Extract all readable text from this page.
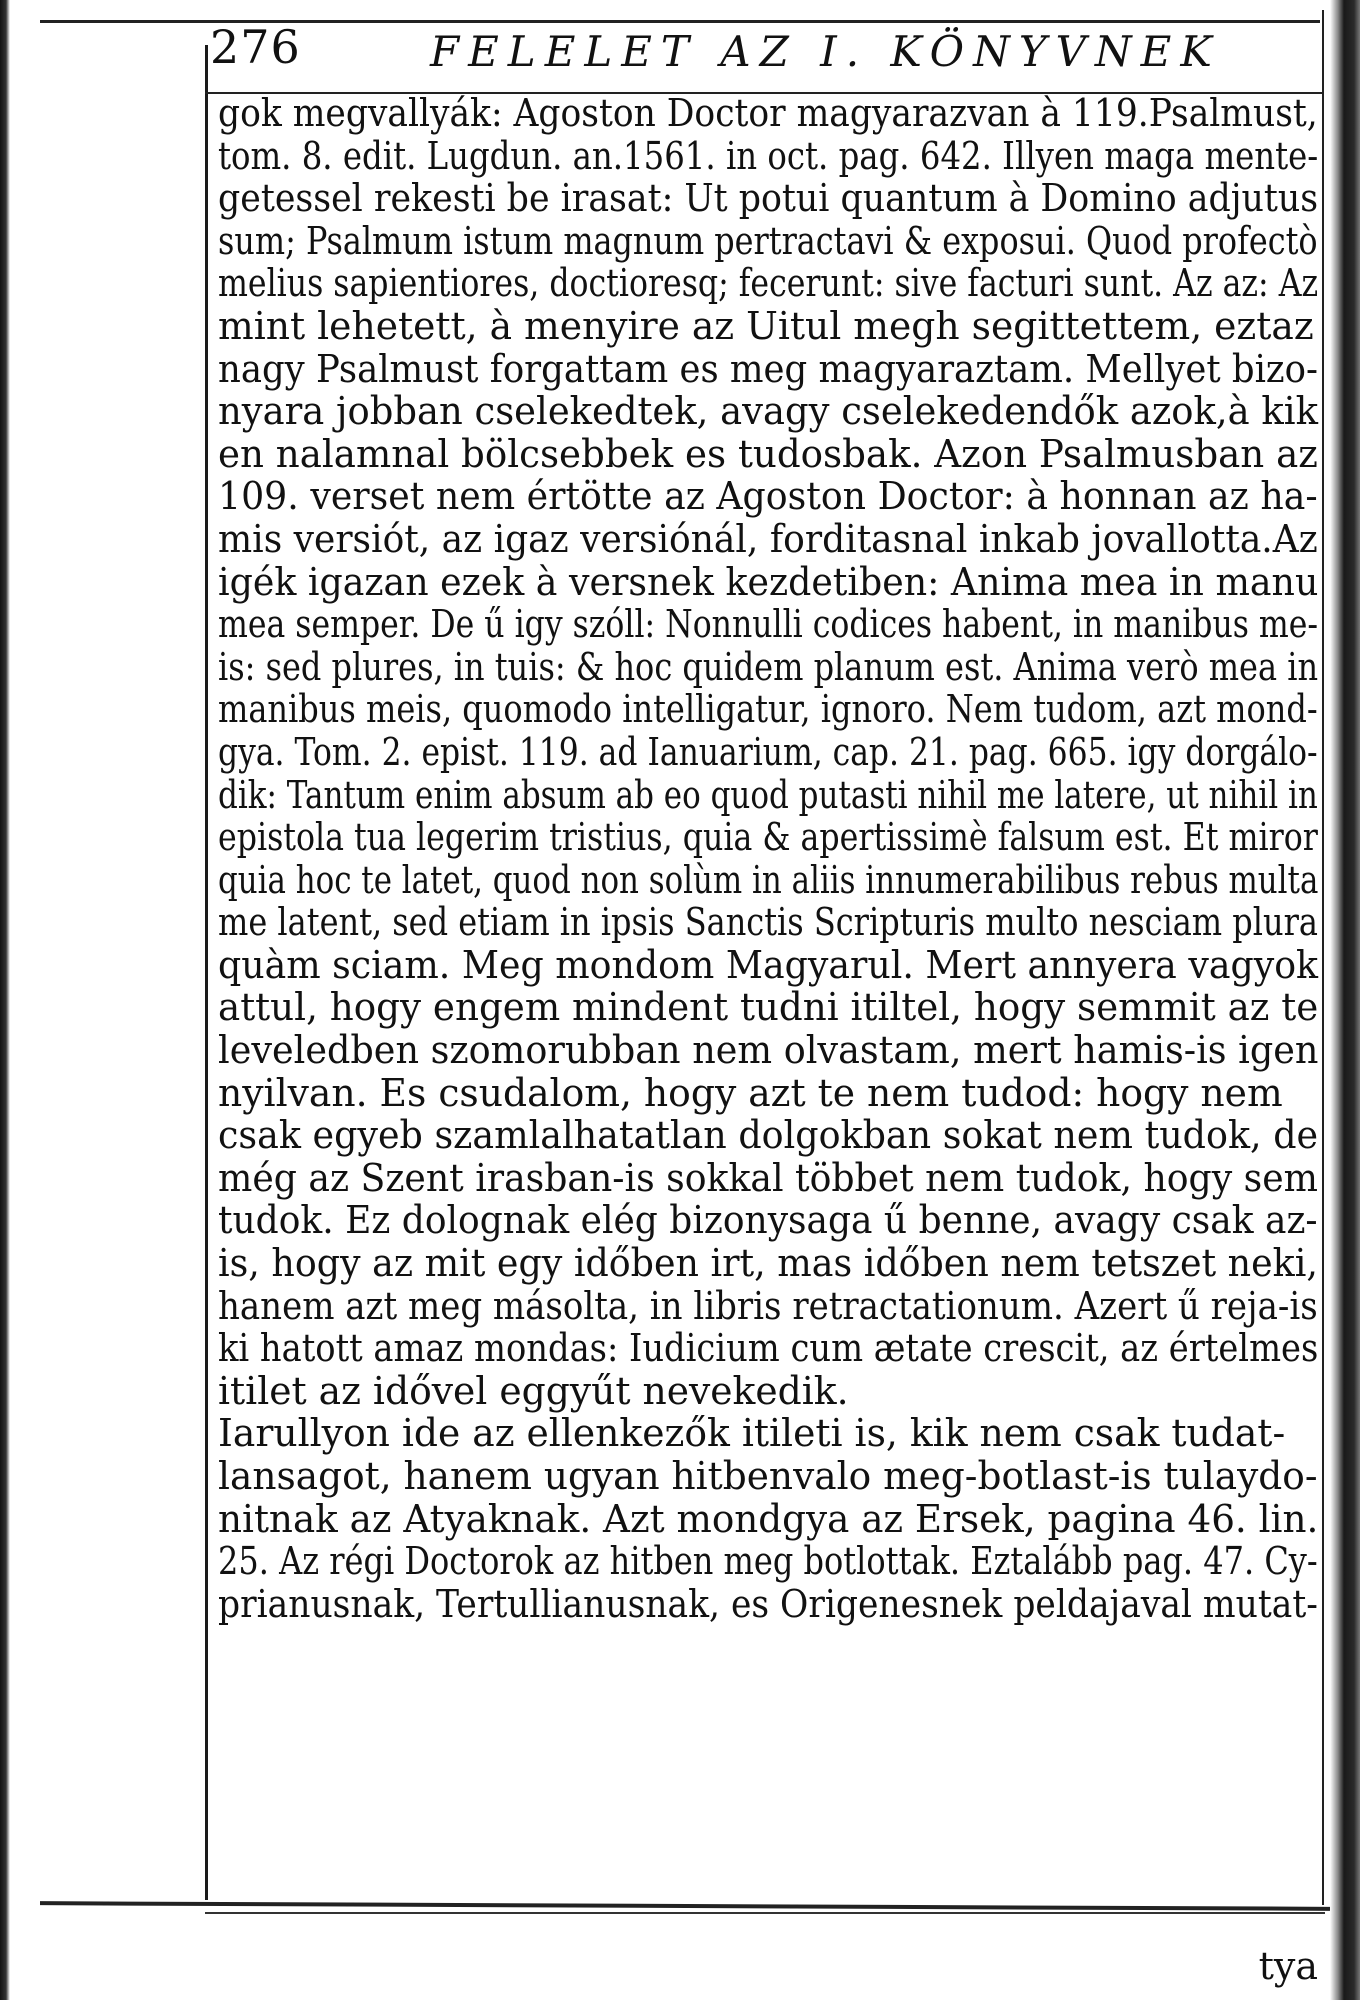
276	FELELET AZ I. KÖNYVNEK
gok megvallyák: Agoston Doctor magyarazvan à 119.Psalmust,
tom. 8. edit. Lugdun. an.1561. in oct. pag. 642. Illyen maga mente-
getessel rekesti be irasat: Ut potui quantum à Domino adjutus
sum; Psalmum istum magnum pertractavi & exposui. Quod profectò
melius sapientiores, doctioresq; fecerunt: sive facturi sunt. Az az: Az
mint lehetett, à menyire az Uitul megh segittettem, eztaz
nagy Psalmust forgattam es meg magyaraztam. Mellyet bizo-
nyara jobban cselekedtek, avagy cselekedendők azok,à kik
en nalamnal bölcsebbek es tudosbak. Azon Psalmusban az
109. verset nem értötte az Agoston Doctor: à honnan az ha-
mis versiót, az igaz versiónál, forditasnal inkab jovallotta.Az
igék igazan ezek à versnek kezdetiben: Anima mea in manu
mea semper. De ű igy szóll: Nonnulli codices habent, in manibus me-
is: sed plures, in tuis: & hoc quidem planum est. Anima verò mea in
manibus meis, quomodo intelligatur, ignoro. Nem tudom, azt mond-
gya. Tom. 2. epist. 119. ad Ianuarium, cap. 21. pag. 665. igy dorgálo-
dik: Tantum enim absum ab eo quod putasti nihil me latere, ut nihil in
epistola tua legerim tristius, quia & apertissimè falsum est. Et miror
quia hoc te latet, quod non solùm in aliis innumerabilibus rebus multa
me latent, sed etiam in ipsis Sanctis Scripturis multo nesciam plura
quàm sciam. Meg mondom Magyarul. Mert annyera vagyok
attul, hogy engem mindent tudni itiltel, hogy semmit az te
leveledben szomorubban nem olvastam, mert hamis-is igen
nyilvan. Es csudalom, hogy azt te nem tudod: hogy nem
csak egyeb szamlalhatatlan dolgokban sokat nem tudok, de
még az Szent irasban-is sokkal többet nem tudok, hogy sem
tudok. Ez dolognak elég bizonysaga ű benne, avagy csak az-
is, hogy az mit egy időben irt, mas időben nem tetszet neki,
hanem azt meg másolta, in libris retractationum. Azert ű reja-is
ki hatott amaz mondas: Iudicium cum ætate crescit, az értelmes
itilet az idővel eggyűt nevekedik.
Iarullyon ide az ellenkezők itileti is, kik nem csak tudat-
lansagot, hanem ugyan hitbenvalo meg-botlast-is tulaydo-
nitnak az Atyaknak. Azt mondgya az Ersek, pagina 46. lin.
25. Az régi Doctorok az hitben meg botlottak. Eztalább pag. 47. Cy-
prianusnak, Tertullianusnak, es Origenesnek peldajaval mutat-
tya
